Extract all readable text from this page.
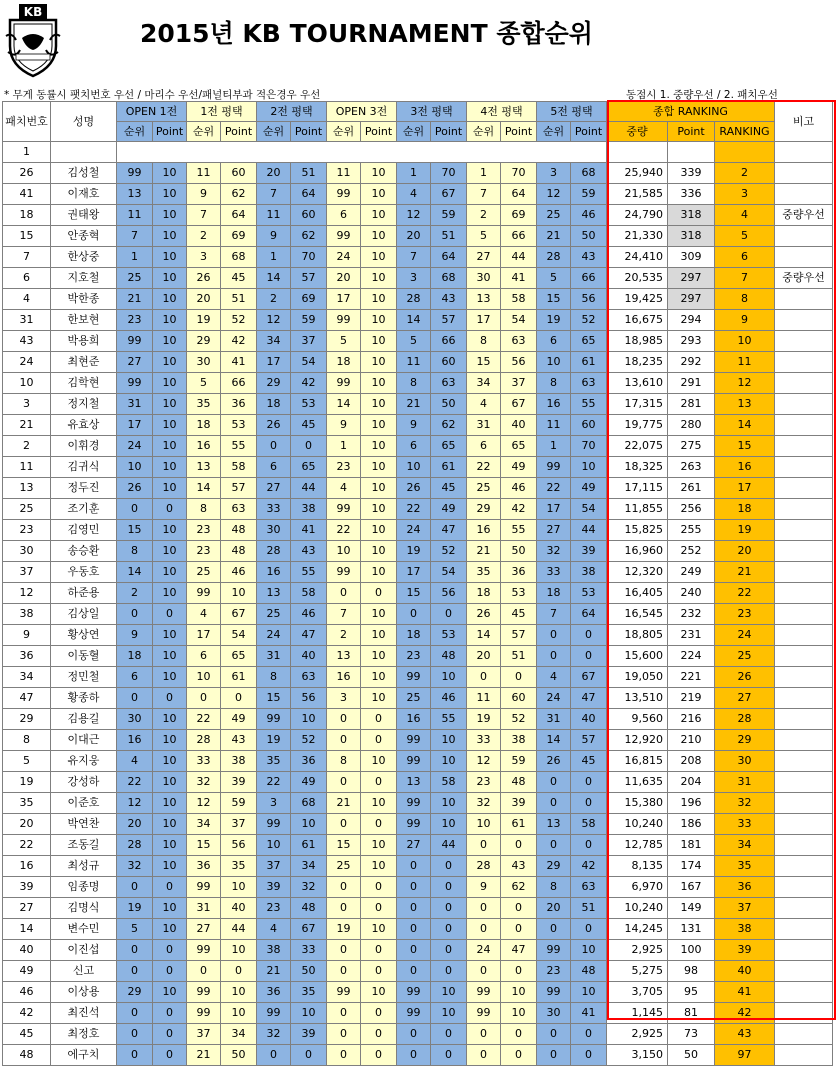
KB
2015년 KB TOURNAMENT 종합순위
* 무게 동률시 팻치번호 우선 / 마리수 우선/패널티부과 적은경우 우선	동점시 1. 중량우선 / 2. 패치우선
패치번호	성명	OPEN 1전		1전 평택		2전 평택		OPEN 3전		3전 평택		4전 평택		5전 평택		종합 RANKING			비고
		순위	Point	순위	Point	순위	Point	순위	Point	순위	Point	순위	Point	순위	Point	중량	Point	RANKING	
1																			
26	김성철	99	10	11	60	20	51	11	10	1	70	1	70	3	68	25,940	339	2	
41	이재호	13	10	9	62	7	64	99	10	4	67	7	64	12	59	21,585	336	3	
18	권태왕	11	10	7	64	11	60	6	10	12	59	2	69	25	46	24,790	318	4	중량우선
15	안종혁	7	10	2	69	9	62	99	10	20	51	5	66	21	50	21,330	318	5	
7	한상중	1	10	3	68	1	70	24	10	7	64	27	44	28	43	24,410	309	6	
6	지호철	25	10	26	45	14	57	20	10	3	68	30	41	5	66	20,535	297	7	중량우선
4	박한종	21	10	20	51	2	69	17	10	28	43	13	58	15	56	19,425	297	8	
31	한보현	23	10	19	52	12	59	99	10	14	57	17	54	19	52	16,675	294	9	
43	박용희	99	10	29	42	34	37	5	10	5	66	8	63	6	65	18,985	293	10	
24	최현준	27	10	30	41	17	54	18	10	11	60	15	56	10	61	18,235	292	11	
10	김학현	99	10	5	66	29	42	99	10	8	63	34	37	8	63	13,610	291	12	
3	정지철	31	10	35	36	18	53	14	10	21	50	4	67	16	55	17,315	281	13	
21	유효상	17	10	18	53	26	45	9	10	9	62	31	40	11	60	19,775	280	14	
2	이휘경	24	10	16	55	0	0	1	10	6	65	6	65	1	70	22,075	275	15	
11	김귀식	10	10	13	58	6	65	23	10	10	61	22	49	99	10	18,325	263	16	
13	정두진	26	10	14	57	27	44	4	10	26	45	25	46	22	49	17,115	261	17	
25	조기훈	0	0	8	63	33	38	99	10	22	49	29	42	17	54	11,855	256	18	
23	김영민	15	10	23	48	30	41	22	10	24	47	16	55	27	44	15,825	255	19	
30	송승환	8	10	23	48	28	43	10	10	19	52	21	50	32	39	16,960	252	20	
37	우동호	14	10	25	46	16	55	99	10	17	54	35	36	33	38	12,320	249	21	
12	하준용	2	10	99	10	13	58	0	0	15	56	18	53	18	53	16,405	240	22	
38	김상일	0	0	4	67	25	46	7	10	0	0	26	45	7	64	16,545	232	23	
9	황상연	9	10	17	54	24	47	2	10	18	53	14	57	0	0	18,805	231	24	
36	이동혈	18	10	6	65	31	40	13	10	23	48	20	51	0	0	15,600	224	25	
34	정민철	6	10	10	61	8	63	16	10	99	10	0	0	4	67	19,050	221	26	
47	황종하	0	0	0	0	15	56	3	10	25	46	11	60	24	47	13,510	219	27	
29	김용길	30	10	22	49	99	10	0	0	16	55	19	52	31	40	9,560	216	28	
8	이대근	16	10	28	43	19	52	0	0	99	10	33	38	14	57	12,920	210	29	
5	유지웅	4	10	33	38	35	36	8	10	99	10	12	59	26	45	16,815	208	30	
19	강성하	22	10	32	39	22	49	0	0	13	58	23	48	0	0	11,635	204	31	
35	이준호	12	10	12	59	3	68	21	10	99	10	32	39	0	0	15,380	196	32	
20	박연찬	20	10	34	37	99	10	0	0	99	10	10	61	13	58	10,240	186	33	
22	조동길	28	10	15	56	10	61	15	10	27	44	0	0	0	0	12,785	181	34	
16	최성규	32	10	36	35	37	34	25	10	0	0	28	43	29	42	8,135	174	35	
39	임종명	0	0	99	10	39	32	0	0	0	0	9	62	8	63	6,970	167	36	
27	김명식	19	10	31	40	23	48	0	0	0	0	0	0	20	51	10,240	149	37	
14	변수민	5	10	27	44	4	67	19	10	0	0	0	0	0	0	14,245	131	38	
40	이진섭	0	0	99	10	38	33	0	0	0	0	24	47	99	10	2,925	100	39	
49	신고	0	0	0	0	21	50	0	0	0	0	0	0	23	48	5,275	98	40	
46	이상용	29	10	99	10	36	35	99	10	99	10	99	10	99	10	3,705	95	41	
42	최진석	0	0	99	10	99	10	0	0	99	10	99	10	30	41	1,145	81	42	
45	최정호	0	0	37	34	32	39	0	0	0	0	0	0	0	0	2,925	73	43	
48	에구치	0	0	21	50	0	0	0	0	0	0	0	0	0	0	3,150	50	97	
